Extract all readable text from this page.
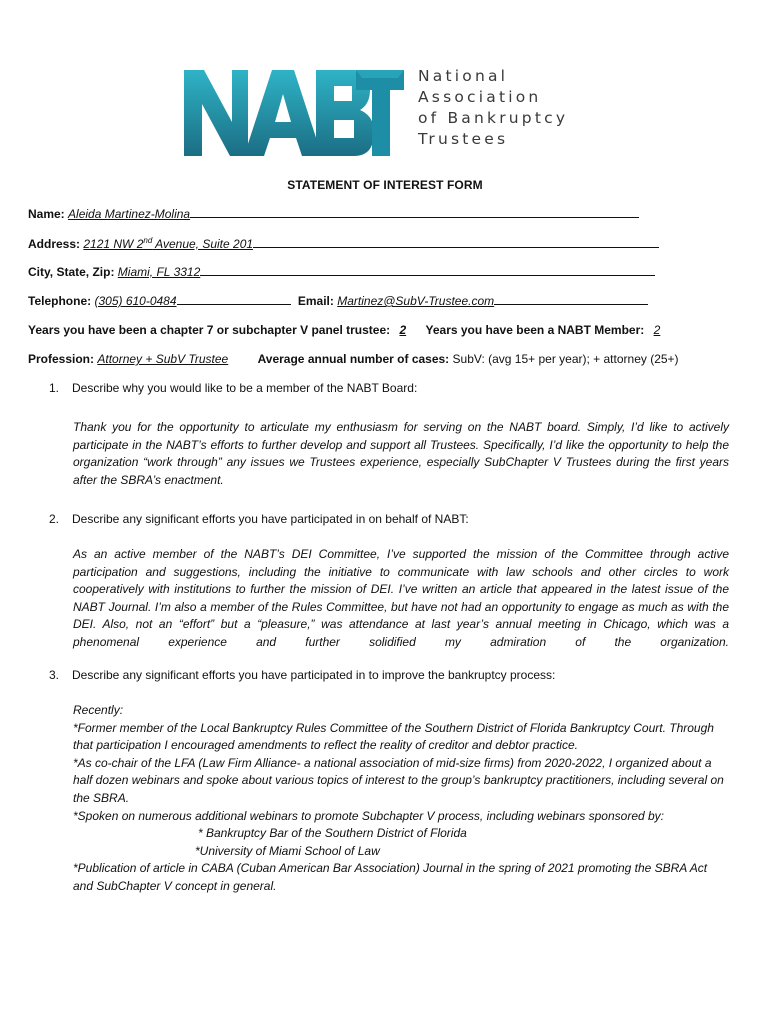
National
Association
of Bankruptcy
Trustees
STATEMENT OF INTEREST FORM
Name: Aleida Martinez-Molina
Address: 2121 NW 2nd Avenue, Suite 201
City, State, Zip: Miami, FL 3312
Telephone: (305) 610-0484	Email: Martinez@SubV-Trustee.com
Years you have been a chapter 7 or subchapter V panel trustee: 2 Years you have been a NABT Member: 2
Profession: Attorney + SubV Trustee Average annual number of cases: SubV: (avg 15+ per year); + attorney (25+)
1. Describe why you would like to be a member of the NABT Board:

Thank you for the opportunity to articulate my enthusiasm for serving on the NABT board. Simply, I’d like to actively participate in the NABT’s efforts to further develop and support all Trustees. Specifically, I’d like the opportunity to help the organization “work through” any issues we Trustees experience, especially SubChapter V Trustees during the first years after the SBRA’s enactment.

2. Describe any significant efforts you have participated in on behalf of NABT:

As an active member of the NABT’s DEI Committee, I’ve supported the mission of the Committee through active participation and suggestions, including the initiative to communicate with law schools and other circles to work cooperatively with institutions to further the mission of DEI. I’ve written an article that appeared in the latest issue of the NABT Journal. I’m also a member of the Rules Committee, but have not had an opportunity to engage as much as with the DEI. Also, not an “effort” but a “pleasure,” was attendance at last year’s annual meeting in Chicago, which was a phenomenal experience and further solidified my admiration of the organization.

3. Describe any significant efforts you have participated in to improve the bankruptcy process:

Recently:

*Former member of the Local Bankruptcy Rules Committee of the Southern District of Florida Bankruptcy Court. Through that participation I encouraged amendments to reflect the reality of creditor and debtor practice.

*As co-chair of the LFA (Law Firm Alliance- a national association of mid-size firms) from 2020-2022, I organized about a half dozen webinars and spoke about various topics of interest to the group’s bankruptcy practitioners, including several on the SBRA.

*Spoken on numerous additional webinars to promote Subchapter V process, including webinars sponsored by:

* Bankruptcy Bar of the Southern District of Florida

*University of Miami School of Law

*Publication of article in CABA (Cuban American Bar Association) Journal in the spring of 2021 promoting the SBRA Act and SubChapter V concept in general.
